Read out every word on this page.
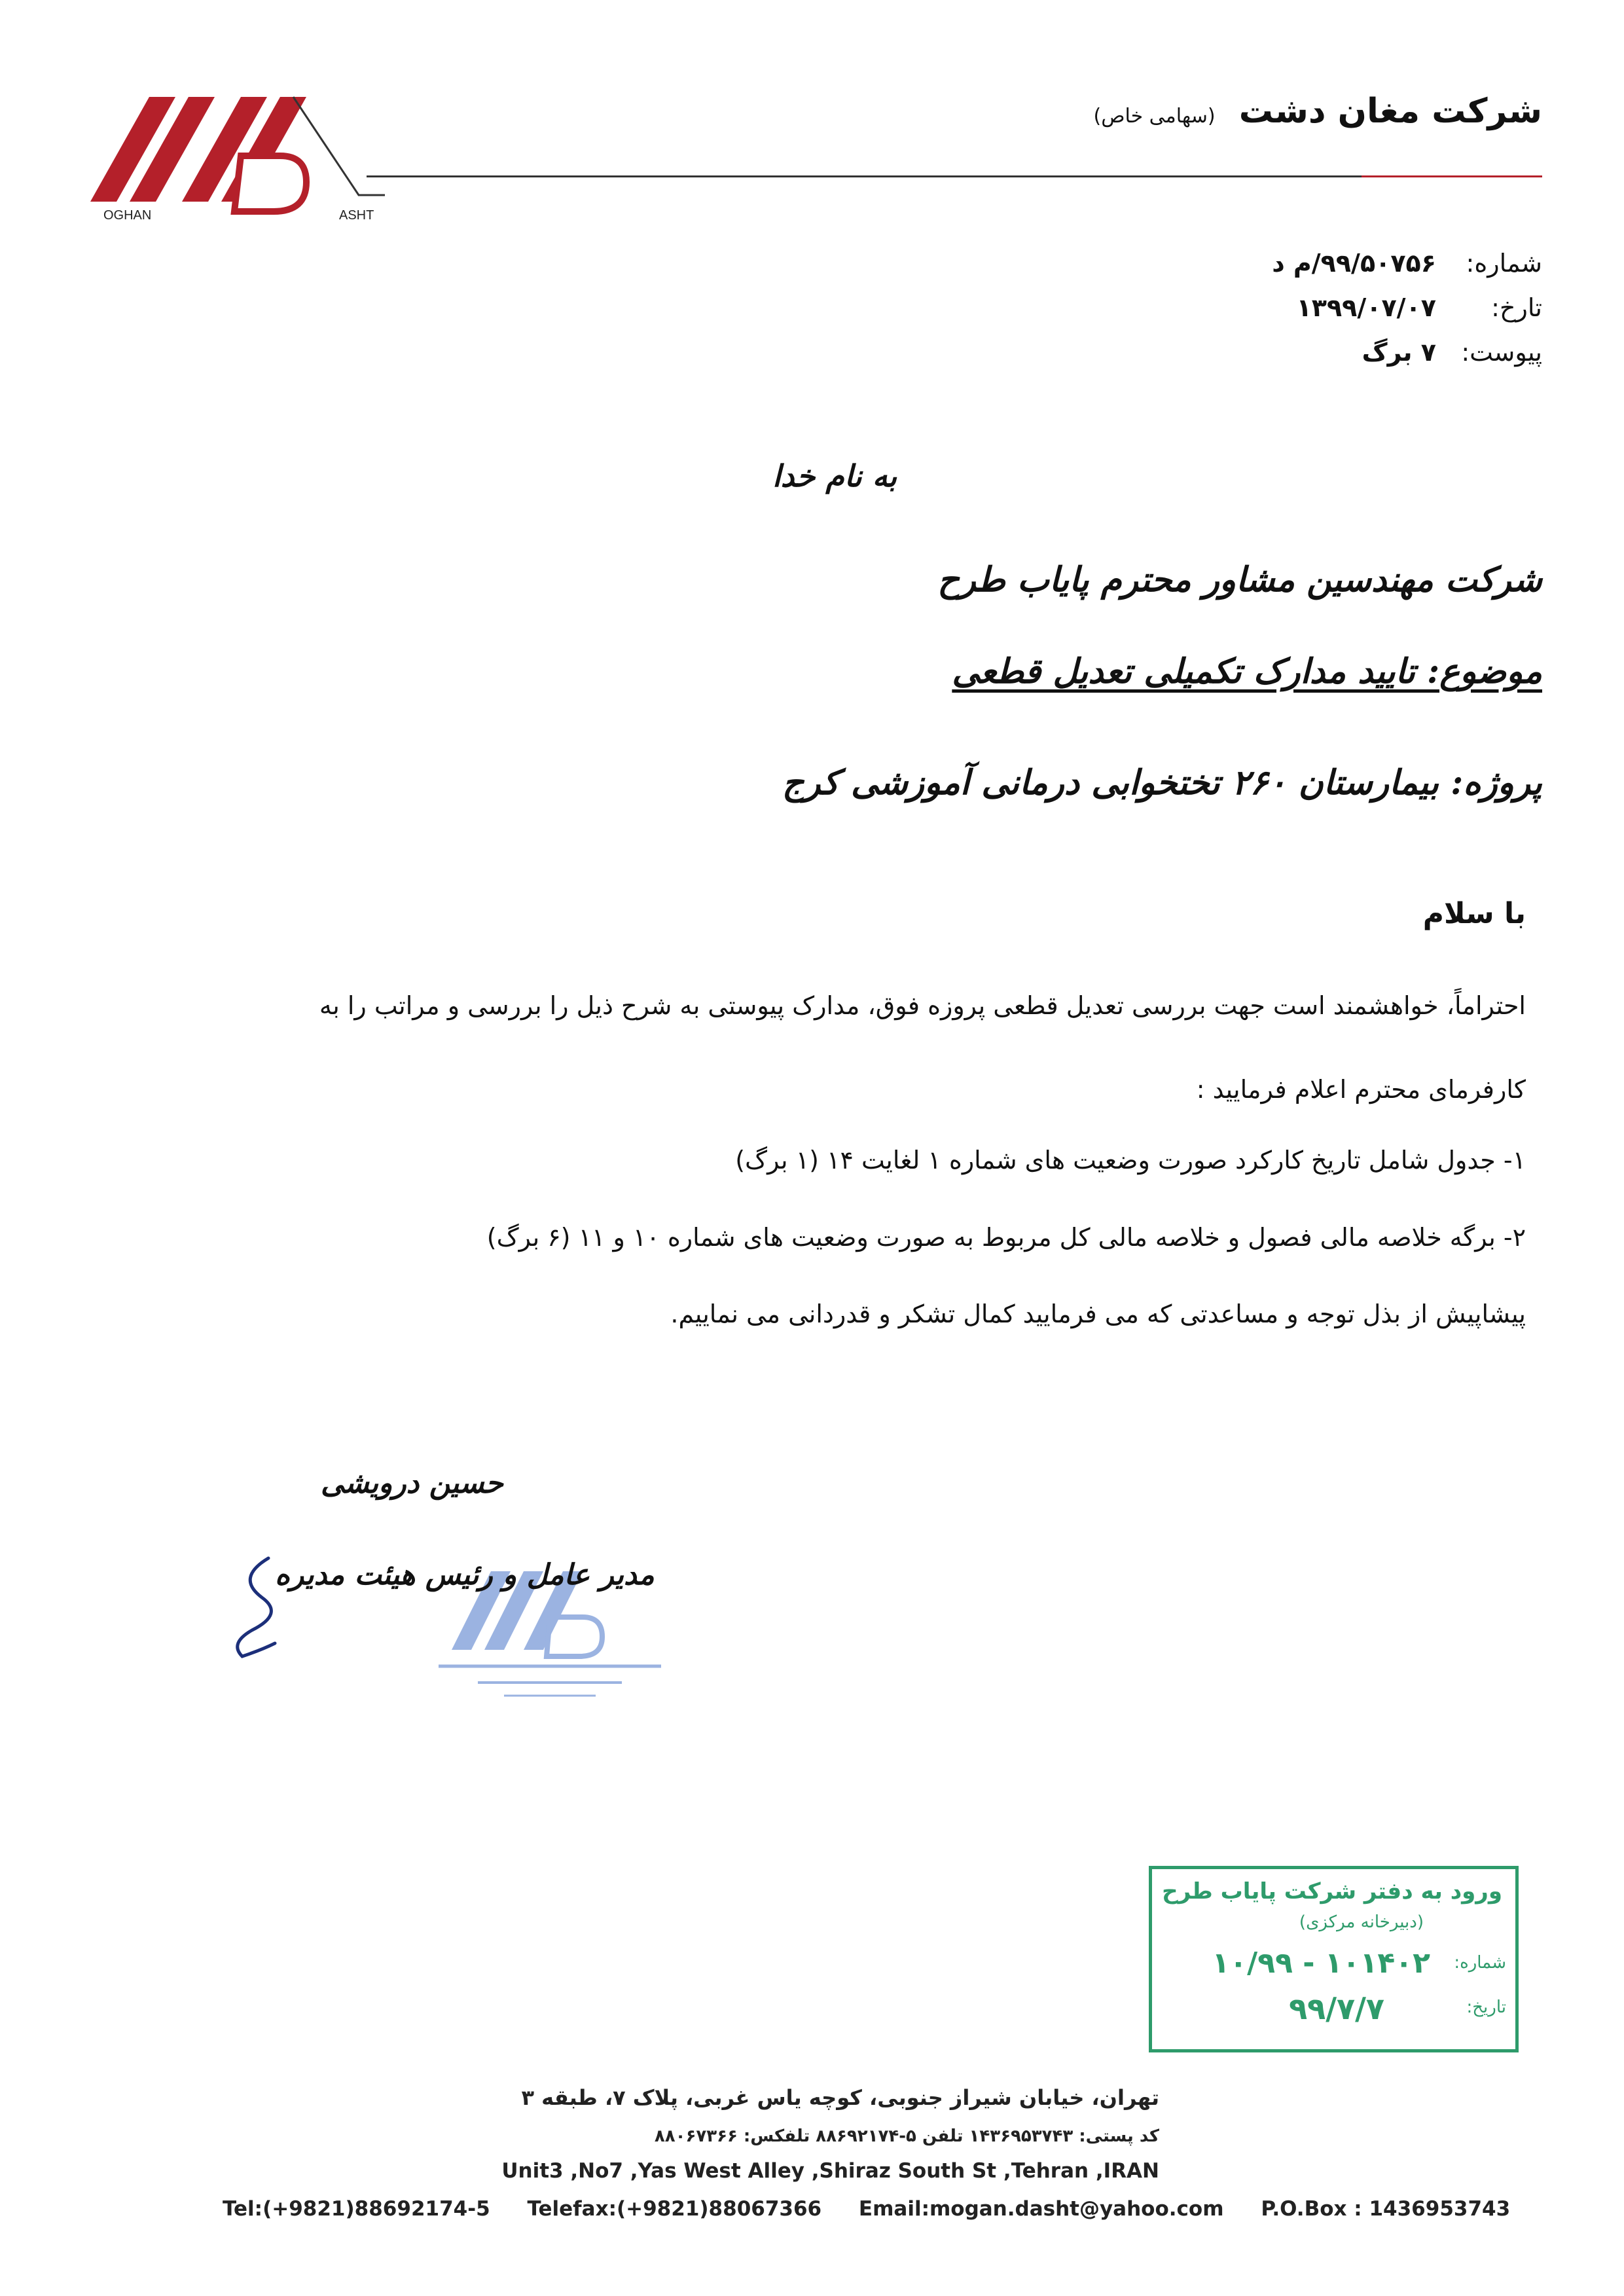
OGHAN	ASHT
شرکت مغان دشت (سهامی خاص)
شماره: ۹۹/۵۰۷۵۶/م د
تارخ: ۱۳۹۹/۰۷/۰۷
پیوست: ۷ برگ
به نام خدا
شرکت مهندسین مشاور محترم پایاب طرح
موضوع: تایید مدارک تکمیلی تعدیل قطعی
پروژه: بیمارستان ۲۶۰ تختخوابی درمانی آموزشی کرج
با سلام
احتراماً، خواهشمند است جهت بررسی تعدیل قطعی پروزه فوق، مدارک پیوستی به شرح ذیل را بررسی و مراتب را به
کارفرمای محترم اعلام فرمایید :
۱- جدول شامل تاریخ کارکرد صورت وضعیت های شماره ۱ لغایت ۱۴ (۱ برگ)
۲- برگه خلاصه مالی فصول و خلاصه مالی کل مربوط به صورت وضعیت های شماره ۱۰ و ۱۱ (۶ برگ)
پیشاپیش از بذل توجه و مساعدتی که می فرمایید کمال تشکر و قدردانی می نماییم.
حسین درویشی
مدیر عامل و رئیس هیئت مدیره
ورود به دفتر شرکت پایاب طرح
(دبیرخانه مرکزی)
شماره:
۱۰/۹۹ - ۱۰۱۴۰۲
تاریخ:
۹۹/۷/۷
تهران، خیابان شیراز جنوبی، کوچه یاس غربی، پلاک ۷، طبقه ۳
کد پستی: ۱۴۳۶۹۵۳۷۴۳ تلفن ۵-۸۸۶۹۲۱۷۴ تلفکس: ۸۸۰۶۷۳۶۶
Unit3 ,No7 ,Yas West Alley ,Shiraz South St ,Tehran ,IRAN
Tel:(+9821)88692174-5 Telefax:(+9821)88067366 Email:mogan.dasht@yahoo.com P.O.Box : 1436953743
